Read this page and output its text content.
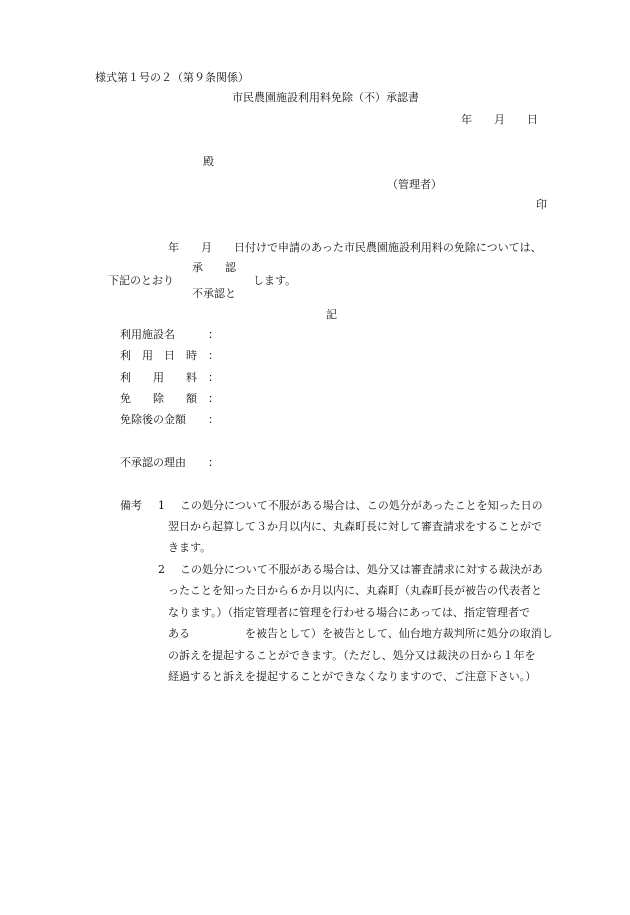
様式第１号の２（第９条関係）
市民農園施設利用料免除（不）承認書
年　　月　　日
殿
（管理者）
印
年　　月　　日付けで申請のあった市民農園施設利用料の免除については、
承　　認
下記のとおり	します。
不承認と
記
利用施設名	：
利　用　日　時 ：
利　　用　　料 ：
免　　除　　額 ：
免除後の金額 ：
不承認の理由 ：
備考 1 この処分について不服がある場合は、この処分があったことを知った日の
翌日から起算して３か月以内に、丸森町長に対して審査請求をすることがで
きます。
2 この処分について不服がある場合は、処分又は審査請求に対する裁決があ
ったことを知った日から６か月以内に、丸森町（丸森町長が被告の代表者と
なります。）（指定管理者に管理を行わせる場合にあっては、指定管理者で
ある　　　　　を被告として）を被告として、仙台地方裁判所に処分の取消し
の訴えを提起することができます。（ただし、処分又は裁決の日から１年を
経過すると訴えを提起することができなくなりますので、ご注意下さい。）
